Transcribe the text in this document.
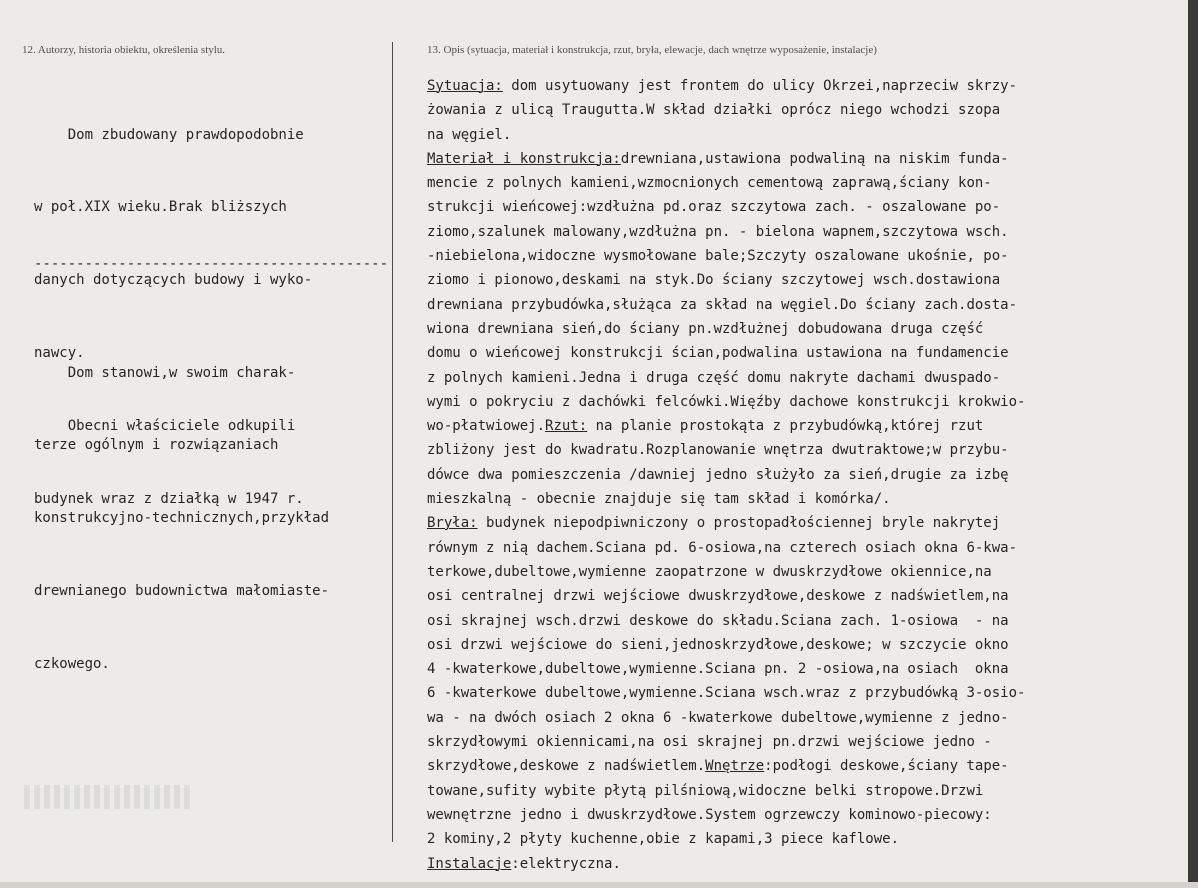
12. Autorzy, historia obiektu, określenia stylu.	13. Opis (sytuacja, materiał i konstrukcja, rzut, bryła, elewacje, dach wnętrze wyposażenie, instalacje)

Dom zbudowany prawdopodobnie

w poł.XIX wieku.Brak bliższych

danych dotyczących budowy i wyko-

nawcy.

Obecni właściciele odkupili

budynek wraz z działką w 1947 r.

------------------------------------------

Dom stanowi,w swoim charak-

terze ogólnym i rozwiązaniach

konstrukcyjno-technicznych,przykład

drewnianego budownictwa małomiaste-

czkowego.

Sytuacja: dom usytuowany jest frontem do ulicy Okrzei,naprzeciw skrzy-
żowania z ulicą Traugutta.W skład działki oprócz niego wchodzi szopa
na węgiel.
Materiał i konstrukcja:drewniana,ustawiona podwaliną na niskim funda-
mencie z polnych kamieni,wzmocnionych cementową zaprawą,ściany kon-
strukcji wieńcowej:wzdłużna pd.oraz szczytowa zach. - oszalowane po-
ziomo,szalunek malowany,wzdłużna pn. - bielona wapnem,szczytowa wsch.
-niebielona,widoczne wysmołowane bale;Szczyty oszalowane ukośnie, po-
ziomo i pionowo,deskami na styk.Do ściany szczytowej wsch.dostawiona
drewniana przybudówka,służąca za skład na węgiel.Do ściany zach.dosta-
wiona drewniana sień,do ściany pn.wzdłużnej dobudowana druga część
domu o wieńcowej konstrukcji ścian,podwalina ustawiona na fundamencie
z polnych kamieni.Jedna i druga część domu nakryte dachami dwuspado-
wymi o pokryciu z dachówki felcówki.Więźby dachowe konstrukcji krokwio-
wo-płatwiowej.Rzut: na planie prostokąta z przybudówką,której rzut
zbliżony jest do kwadratu.Rozplanowanie wnętrza dwutraktowe;w przybu-
dówce dwa pomieszczenia /dawniej jedno służyło za sień,drugie za izbę
mieszkalną - obecnie znajduje się tam skład i komórka/.
Bryła: budynek niepodpiwniczony o prostopadłościennej bryle nakrytej
równym z nią dachem.Sciana pd. 6-osiowa,na czterech osiach okna 6-kwa-
terkowe,dubeltowe,wymienne zaopatrzone w dwuskrzydłowe okiennice,na
osi centralnej drzwi wejściowe dwuskrzydłowe,deskowe z nadświetlem,na
osi skrajnej wsch.drzwi deskowe do składu.Sciana zach. 1-osiowa  - na
osi drzwi wejściowe do sieni,jednoskrzydłowe,deskowe; w szczycie okno
4 -kwaterkowe,dubeltowe,wymienne.Sciana pn. 2 -osiowa,na osiach  okna
6 -kwaterkowe dubeltowe,wymienne.Sciana wsch.wraz z przybudówką 3-osio-
wa - na dwóch osiach 2 okna 6 -kwaterkowe dubeltowe,wymienne z jedno-
skrzydłowymi okiennicami,na osi skrajnej pn.drzwi wejściowe jedno -
skrzydłowe,deskowe z nadświetlem.Wnętrze:podłogi deskowe,ściany tape-
towane,sufity wybite płytą pilśniową,widoczne belki stropowe.Drzwi
wewnętrzne jedno i dwuskrzydłowe.System ogrzewczy kominowo-piecowy:
2 kominy,2 płyty kuchenne,obie z kapami,3 piece kaflowe.
Instalacje:elektryczna.
